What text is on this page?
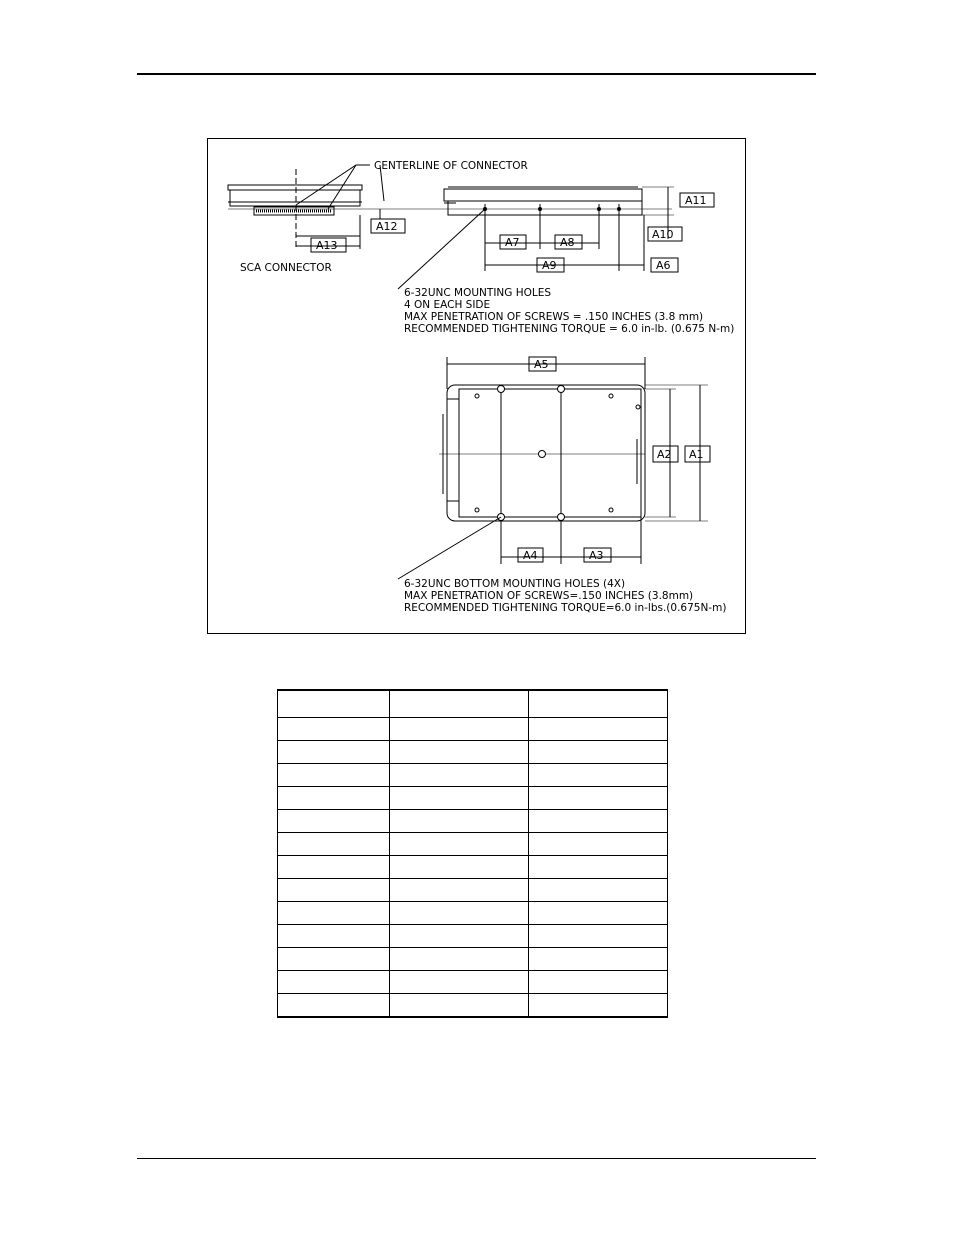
CENTERLINE OF CONNECTOR
SCA CONNECTOR
A13
A12
A11
A10
A7	A8
A9	A6
6-32UNC MOUNTING HOLES
4 ON EACH SIDE
MAX PENETRATION OF SCREWS = .150 INCHES (3.8 mm)
RECOMMENDED TIGHTENING TORQUE = 6.0 in-lb. (0.675 N-m)
A5
A2 A1
A4	A3
6-32UNC BOTTOM MOUNTING HOLES (4X)
MAX PENETRATION OF SCREWS=.150 INCHES (3.8mm)
RECOMMENDED TIGHTENING TORQUE=6.0 in-lbs.(0.675N-m)
